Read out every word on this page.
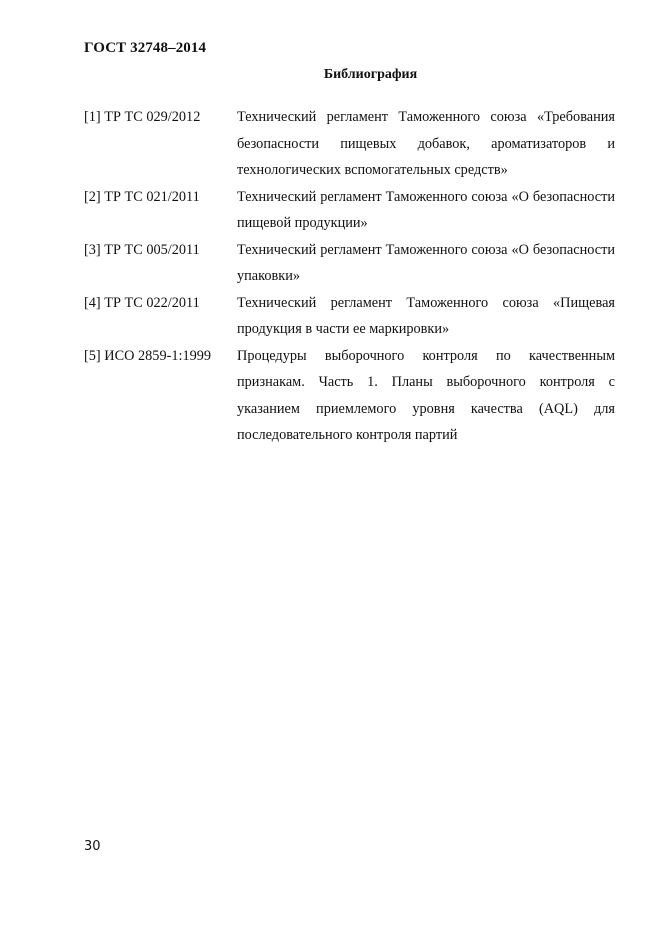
ГОСТ 32748–2014
Библиография
[1] ТР ТС 029/2012	Технический регламент Таможенного союза «Требования безопасности пищевых добавок, ароматизаторов и технологических вспомогательных средств»
[2] ТР ТС 021/2011	Технический регламент Таможенного союза «О безопасности пищевой продукции»
[3] ТР ТС 005/2011	Технический регламент Таможенного союза «О безопасности упаковки»
[4] ТР ТС 022/2011	Технический регламент Таможенного союза «Пищевая продукция в части ее маркировки»
[5] ИСО 2859-1:1999	Процедуры выборочного контроля по качественным признакам. Часть 1. Планы выборочного контроля с указанием приемлемого уровня качества (AQL) для последовательного контроля партий
30
